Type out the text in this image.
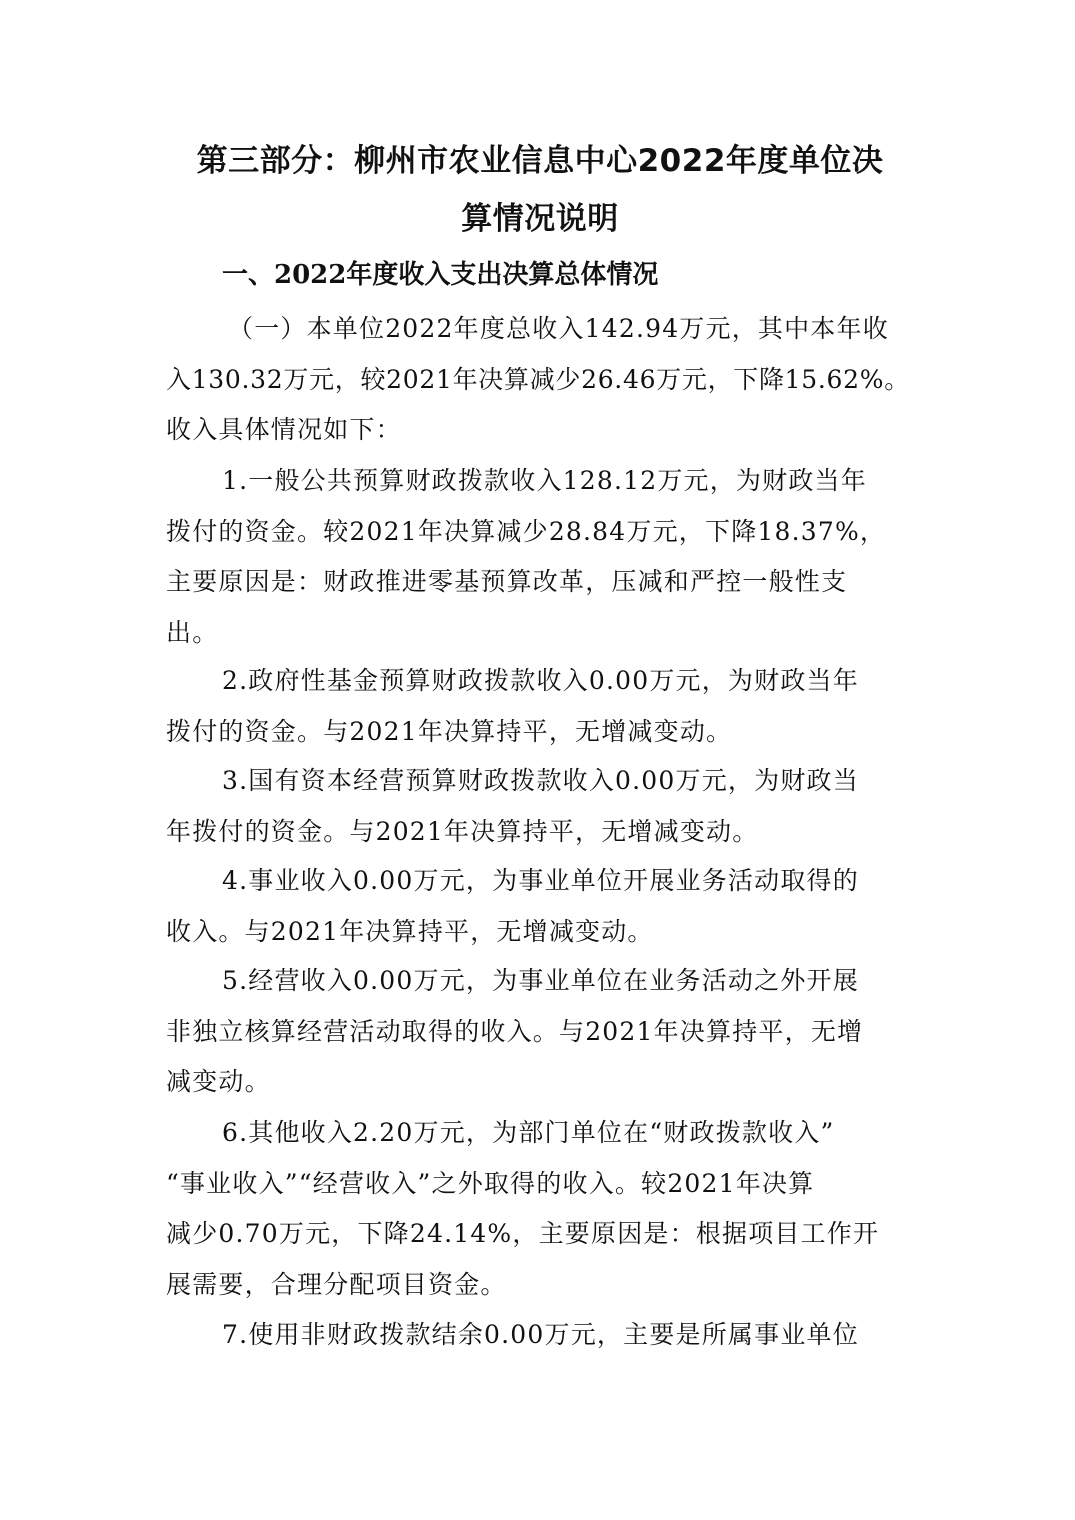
第三部分：柳州市农业信息中心2022年度单位决
算情况说明
一、2022年度收入支出决算总体情况
（一）本单位2022年度总收入142.94万元，其中本年收
入130.32万元，较2021年决算减少26.46万元，下降15.62%。
收入具体情况如下：
1.一般公共预算财政拨款收入128.12万元，为财政当年
拨付的资金。较2021年决算减少28.84万元，下降18.37%，
主要原因是：财政推进零基预算改革，压减和严控一般性支
出。
2.政府性基金预算财政拨款收入0.00万元，为财政当年
拨付的资金。与2021年决算持平，无增减变动。
3.国有资本经营预算财政拨款收入0.00万元，为财政当
年拨付的资金。与2021年决算持平，无增减变动。
4.事业收入0.00万元，为事业单位开展业务活动取得的
收入。与2021年决算持平，无增减变动。
5.经营收入0.00万元，为事业单位在业务活动之外开展
非独立核算经营活动取得的收入。与2021年决算持平，无增
减变动。
6.其他收入2.20万元，为部门单位在“财政拨款收入”
“事业收入”“经营收入”之外取得的收入。较2021年决算
减少0.70万元，下降24.14%，主要原因是：根据项目工作开
展需要，合理分配项目资金。
7.使用非财政拨款结余0.00万元，主要是所属事业单位
